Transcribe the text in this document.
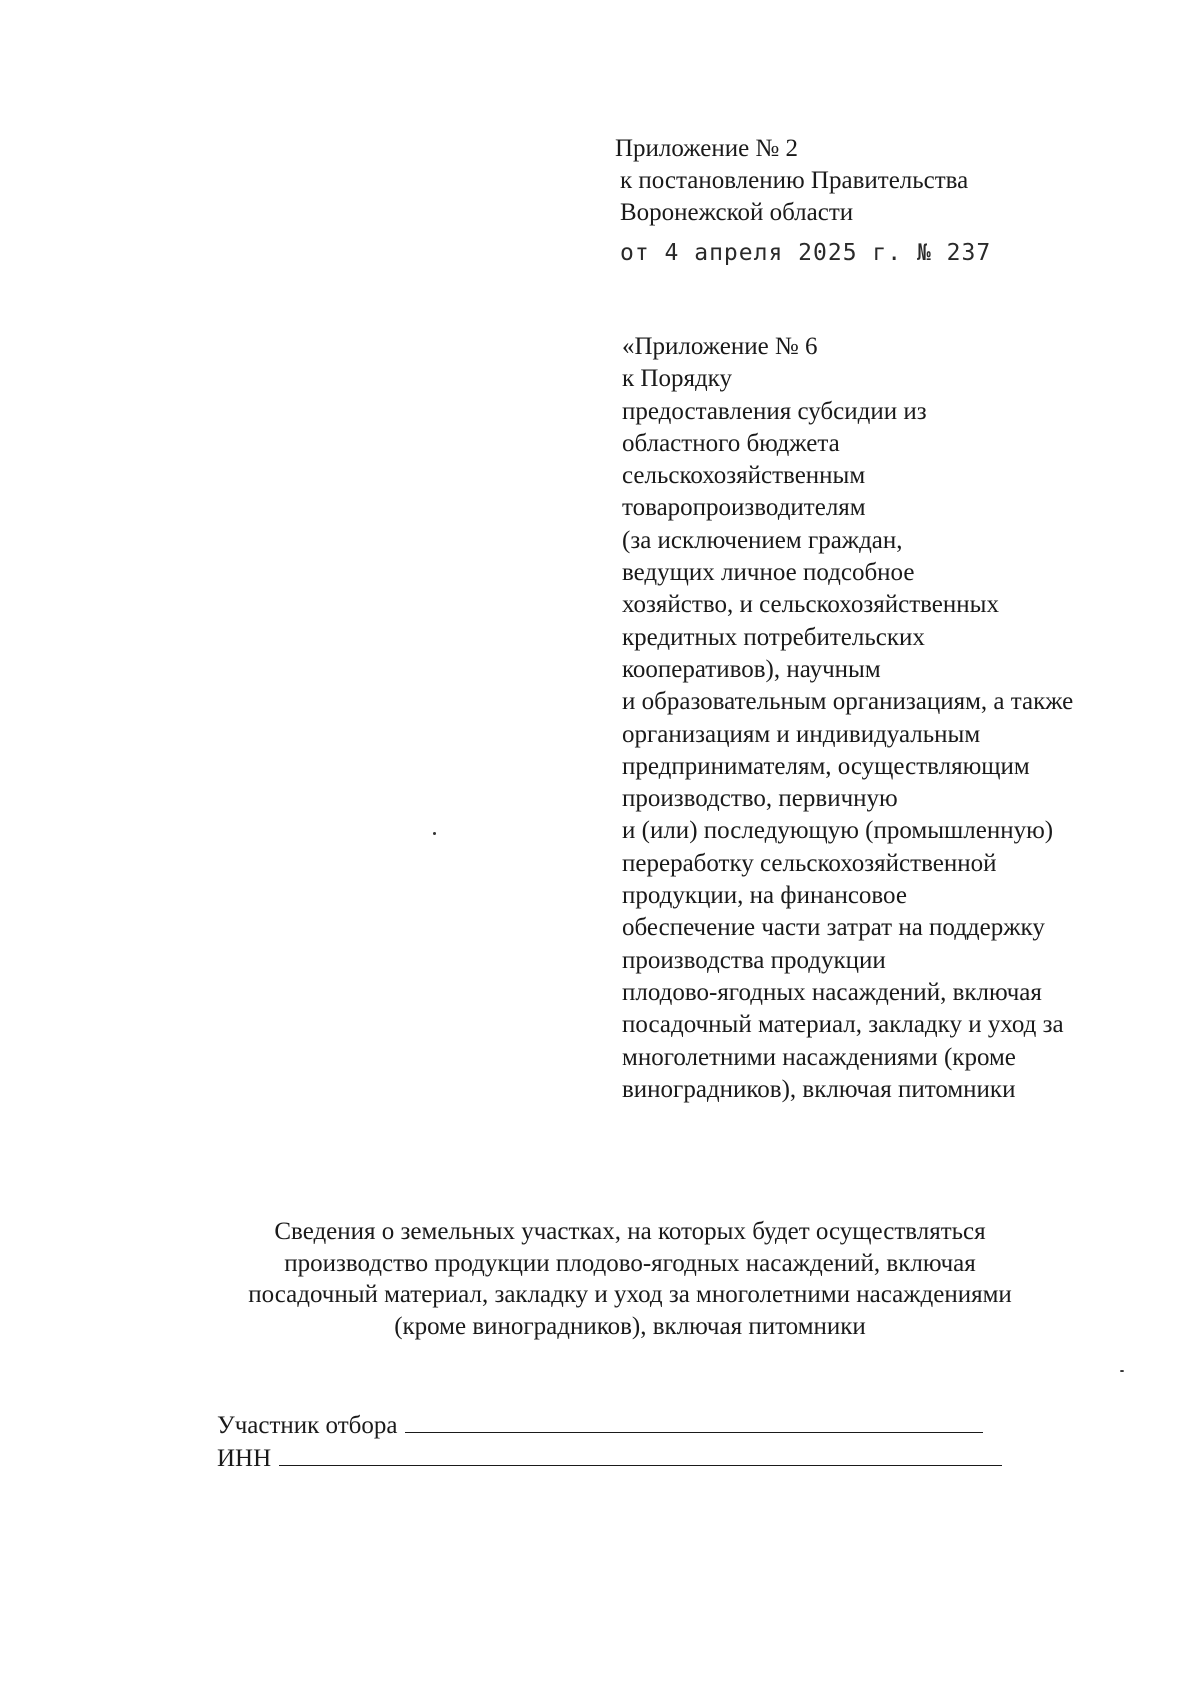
Приложение № 2
к постановлению Правительства
Воронежской области
от 4 апреля 2025 г. № 237
«Приложение № 6
к Порядку
предоставления субсидии из
областного бюджета
сельскохозяйственным
товаропроизводителям
(за исключением граждан,
ведущих личное подсобное
хозяйство, и сельскохозяйственных
кредитных потребительских
кооперативов), научным
и образовательным организациям, а также
организациям и индивидуальным
предпринимателям, осуществляющим
производство, первичную
и (или) последующую (промышленную)
переработку сельскохозяйственной
продукции, на финансовое
обеспечение части затрат на поддержку
производства продукции
плодово-ягодных насаждений, включая
посадочный материал, закладку и уход за
многолетними насаждениями (кроме
виноградников), включая питомники
Сведения о земельных участках, на которых будет осуществляться
производство продукции плодово-ягодных насаждений, включая
посадочный материал, закладку и уход за многолетними насаждениями
(кроме виноградников), включая питомники
Участник отбора
ИНН
